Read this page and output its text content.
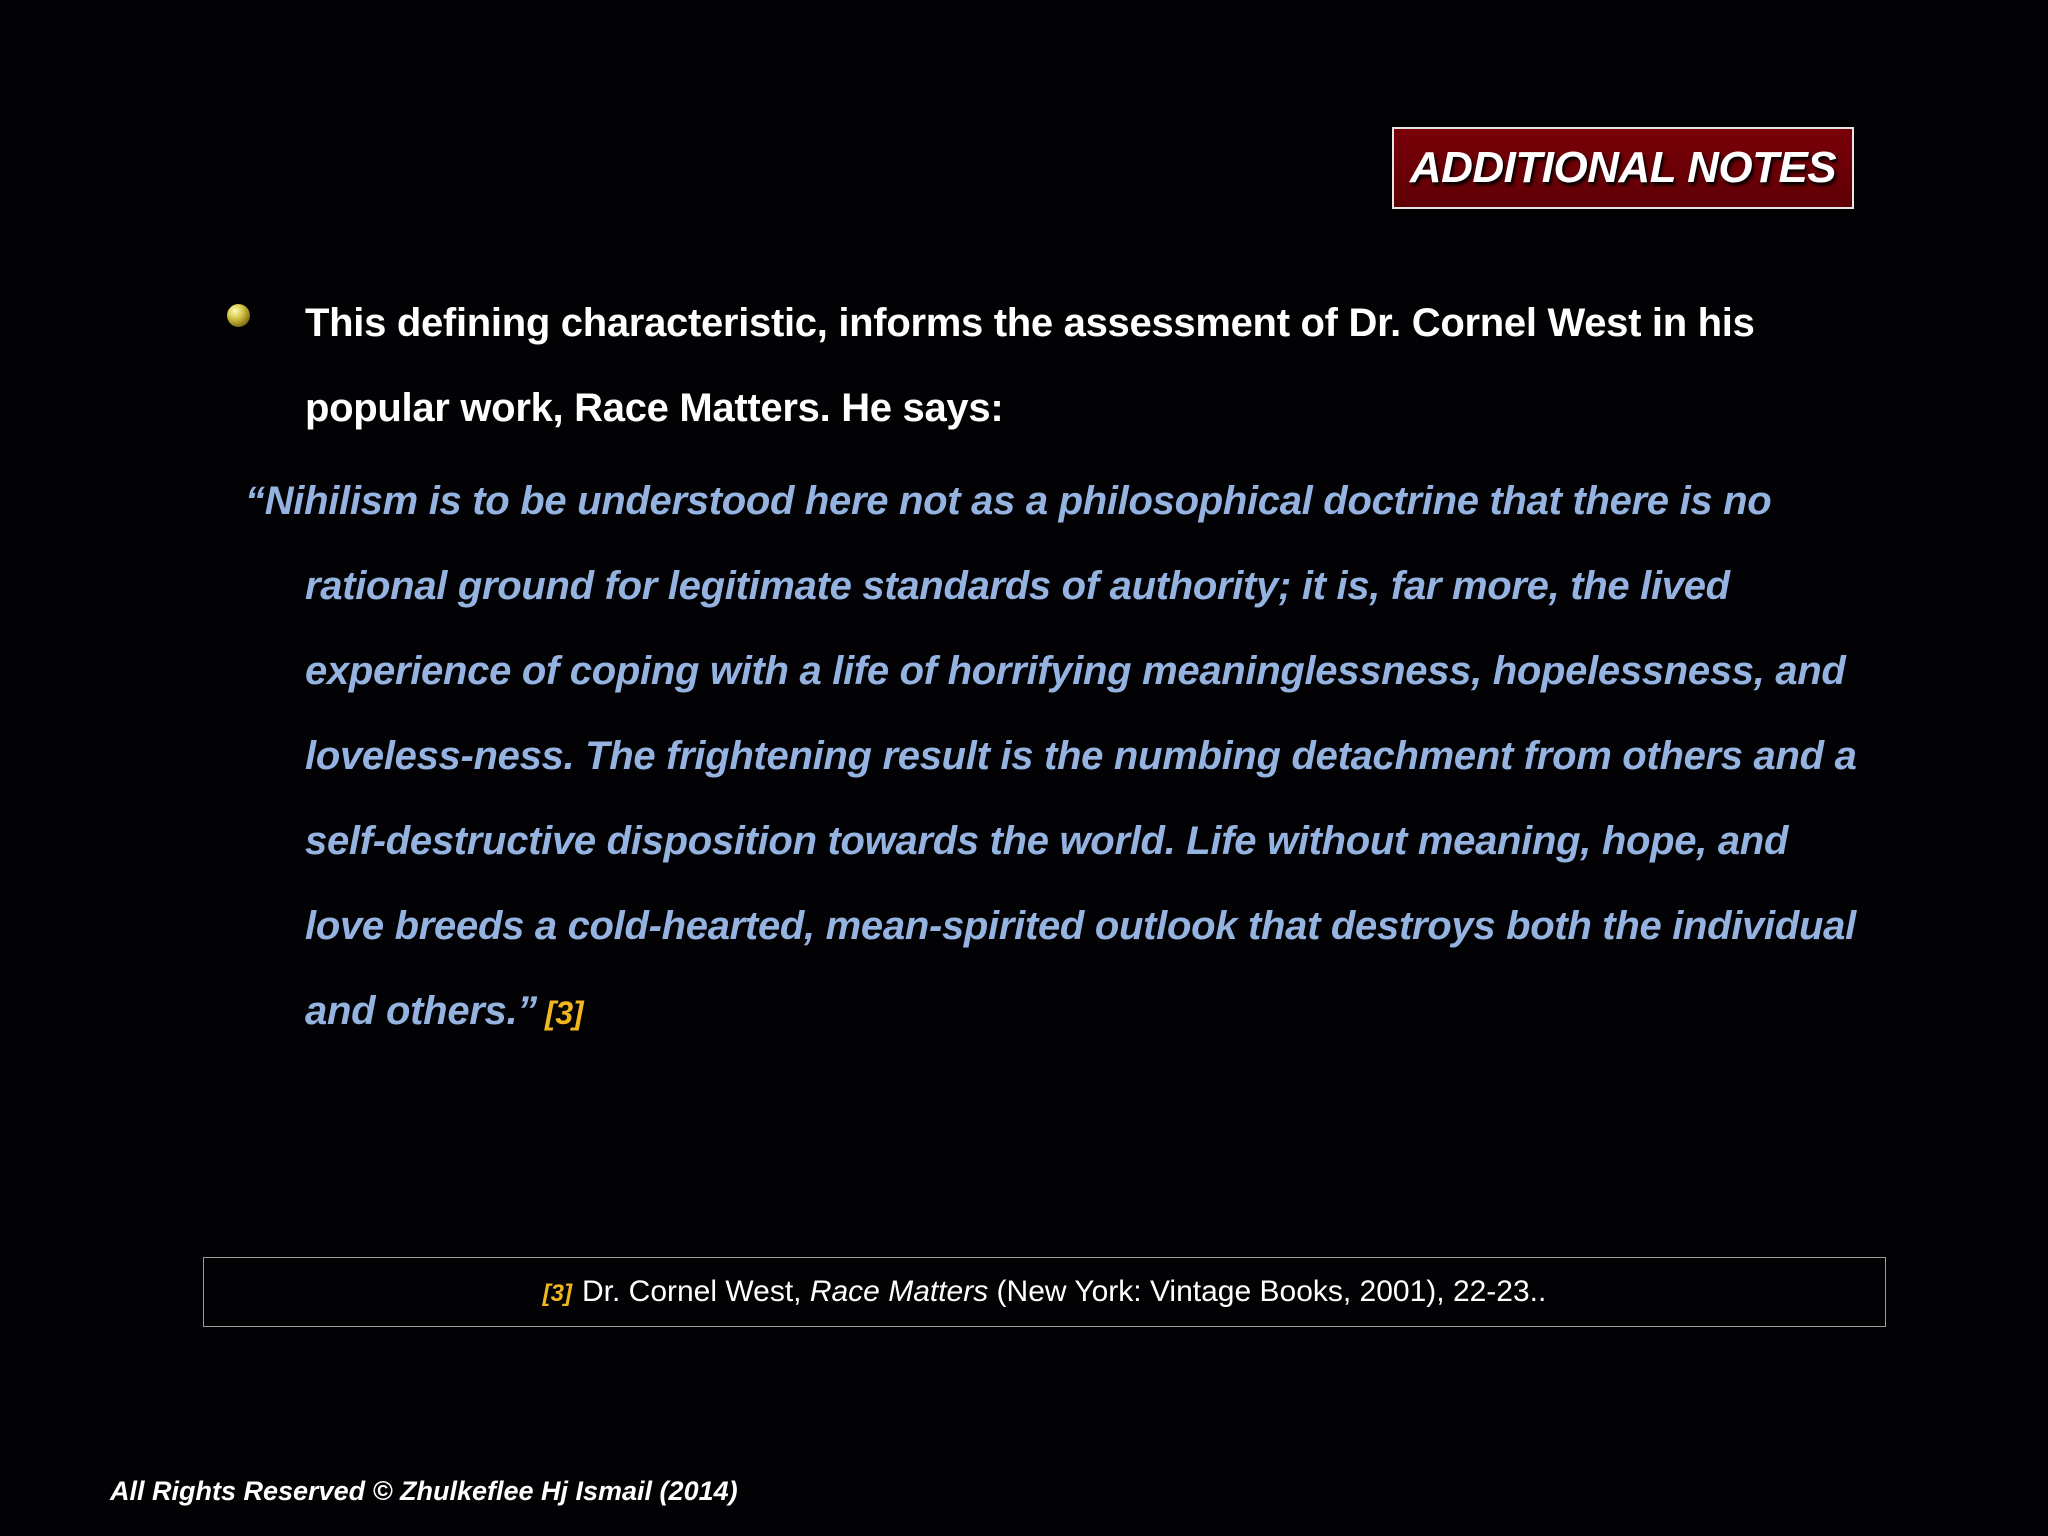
ADDITIONAL NOTES
This defining characteristic, informs the assessment of Dr. Cornel West in his popular work, Race Matters. He says:
“Nihilism is to be understood here not as a philosophical doctrine that there is no rational ground for legitimate standards of authority; it is, far more, the lived experience of coping with a life of horrifying meaninglessness, hopelessness, and loveless-ness. The frightening result is the numbing detachment from others and a self-destructive disposition towards the world. Life without meaning, hope, and love breeds a cold-hearted, mean-spirited outlook that destroys both the individual and others.” [3]
[3] Dr. Cornel West, Race Matters (New York: Vintage Books, 2001), 22-23..
All Rights Reserved © Zhulkeflee Hj Ismail (2014)
